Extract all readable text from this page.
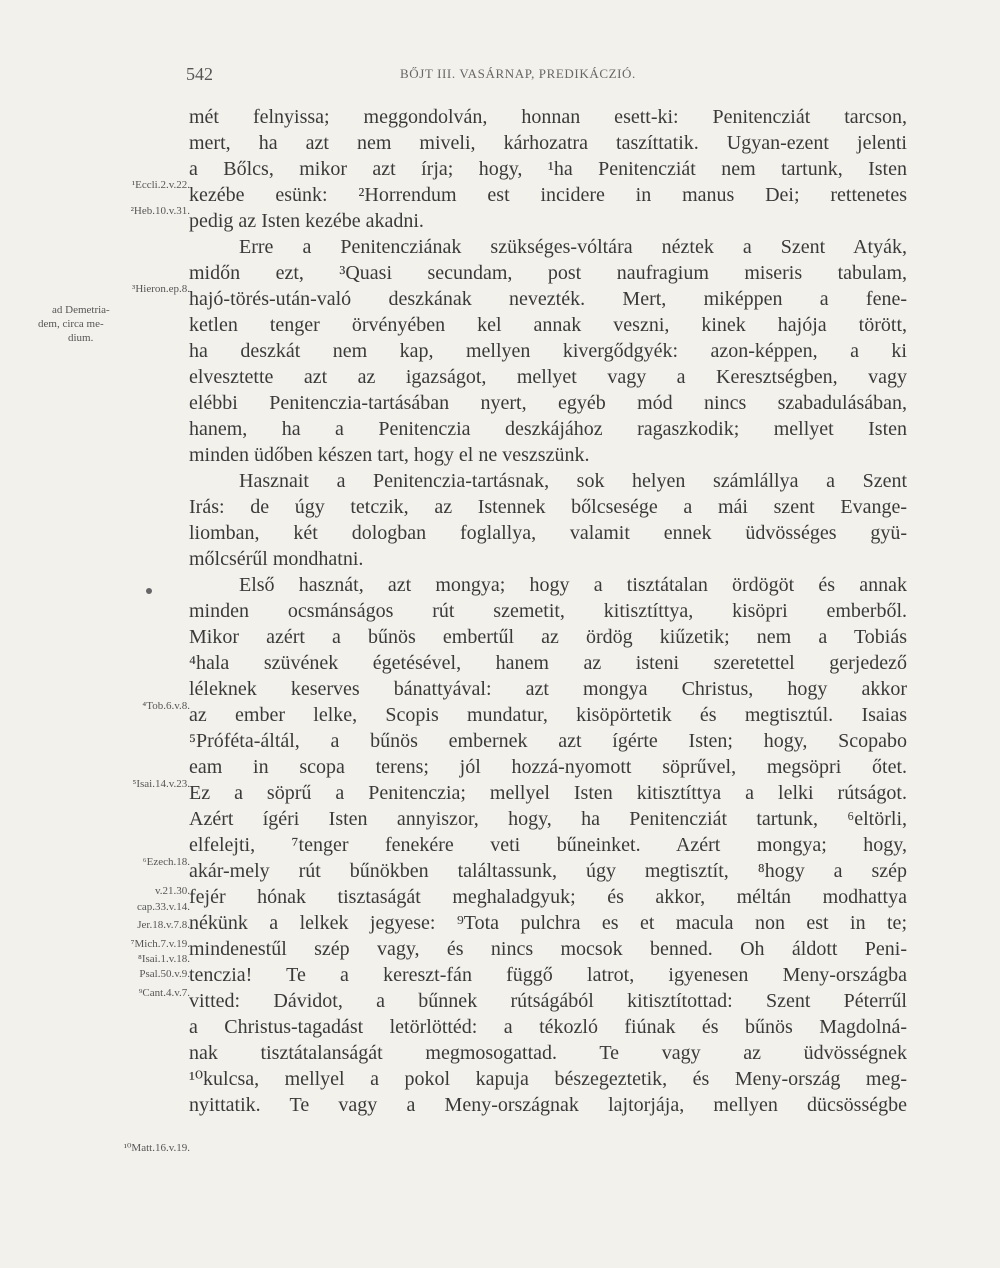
542	BŐJT III. VASÁRNAP, PREDIKÁCZIÓ.
mét felnyissa; meggondolván, honnan esett-ki: Penitencziát tarcson,
mert, ha azt nem miveli, kárhozatra taszíttatik. Ugyan-ezent jelenti
a Bőlcs, mikor azt írja; hogy, ¹ha Penitencziát nem tartunk, Isten
kezébe esünk: ²Horrendum est incidere in manus Dei; rettenetes
pedig az Isten kezébe akadni.
Erre a Penitencziának szükséges-vóltára néztek a Szent Atyák,
midőn ezt, ³Quasi secundam, post naufragium miseris tabulam,
hajó-törés-után-való deszkának nevezték. Mert, miképpen a fene-
ketlen tenger örvényében kel annak veszni, kinek hajója törött,
ha deszkát nem kap, mellyen kivergődgyék: azon-képpen, a ki
elvesztette azt az igazságot, mellyet vagy a Keresztségben, vagy
elébbi Penitenczia-tartásában nyert, egyéb mód nincs szabadulásában,
hanem, ha a Penitenczia deszkájához ragaszkodik; mellyet Isten
minden üdőben készen tart, hogy el ne veszszünk.
Hasznait a Penitenczia-tartásnak, sok helyen számlállya a Szent
Irás: de úgy tetczik, az Istennek bőlcsesége a mái szent Evange-
liomban, két dologban foglallya, valamit ennek üdvösséges gyü-
mőlcsérűl mondhatni.
Első hasznát, azt mongya; hogy a tisztátalan ördögöt és annak
minden ocsmánságos rút szemetit, kitisztíttya, kisöpri emberből.
Mikor azért a bűnös embertűl az ördög kiűzetik; nem a Tobiás
⁴hala szüvének égetésével, hanem az isteni szeretettel gerjedező
léleknek keserves bánattyával: azt mongya Christus, hogy akkor
az ember lelke, Scopis mundatur, kisöpörtetik és megtisztúl. Isaias
⁵Próféta-áltál, a bűnös embernek azt ígérte Isten; hogy, Scopabo
eam in scopa terens; jól hozzá-nyomott söprűvel, megsöpri őtet.
Ez a söprű a Penitenczia; mellyel Isten kitisztíttya a lelki rútságot.
Azért ígéri Isten annyiszor, hogy, ha Penitencziát tartunk, ⁶eltörli,
elfelejti, ⁷tenger fenekére veti bűneinket. Azért mongya; hogy,
akár-mely rút bűnökben találtassunk, úgy megtisztít, ⁸hogy a szép
fejér hónak tisztaságát meghaladgyuk; és akkor, méltán modhattya
nékünk a lelkek jegyese: ⁹Tota pulchra es et macula non est in te;
mindenestűl szép vagy, és nincs mocsok benned. Oh áldott Peni-
tenczia! Te a kereszt-fán függő latrot, igyenesen Meny-országba
vitted: Dávidot, a bűnnek rútságából kitisztítottad: Szent Péterrűl
a Christus-tagadást letörlöttéd: a tékozló fiúnak és bűnös Magdolná-
nak tisztátalanságát megmosogattad. Te vagy az üdvösségnek
¹⁰kulcsa, mellyel a pokol kapuja bészegeztetik, és Meny-ország meg-
nyittatik. Te vagy a Meny-országnak lajtorjája, mellyen dücsösségbe
¹Eccli.2.v.22.
²Heb.10.v.31.
³Hieron.ep.8.
ad Demetria-
dem, circa me-
dium.
⁴Tob.6.v.8.
⁵Isai.14.v.23.
⁶Ezech.18.
v.21.30.
cap.33.v.14.
Jer.18.v.7.8.
⁷Mich.7.v.19.
⁸Isai.1.v.18.
Psal.50.v.9.
⁹Cant.4.v.7.
¹⁰Matt.16.v.19.
